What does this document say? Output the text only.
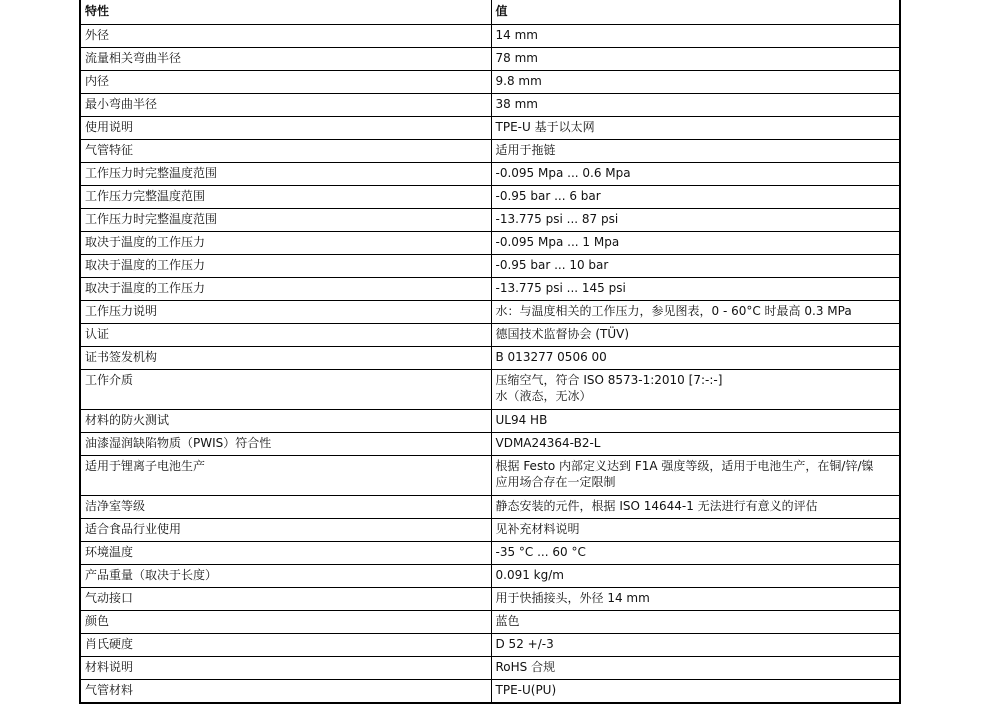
特性	值
外径	14 mm

流量相关弯曲半径	78 mm

内径	9.8 mm

最小弯曲半径	38 mm

使用说明	TPE-U 基于以太网

气管特征	适用于拖链

工作压力时完整温度范围	-0.095 Mpa ... 0.6 Mpa

工作压力完整温度范围	-0.95 bar ... 6 bar

工作压力时完整温度范围	-13.775 psi ... 87 psi

取决于温度的工作压力	-0.095 Mpa ... 1 Mpa

取决于温度的工作压力	-0.95 bar ... 10 bar

取决于温度的工作压力	-13.775 psi ... 145 psi

工作压力说明	水：与温度相关的工作压力，参见图表，0 - 60°C 时最高 0.3 MPa

认证	德国技术监督协会 (TÜV)

证书签发机构	B 013277 0506 00

工作介质	压缩空气，符合 ISO 8573-1:2010 [7:-:-]
水（液态，无冰）

材料的防火测试	UL94 HB

油漆湿润缺陷物质（PWIS）符合性	VDMA24364-B2-L

适用于锂离子电池生产	根据 Festo 内部定义达到 F1A 强度等级，适用于电池生产，在铜/锌/镍
应用场合存在一定限制

洁净室等级	静态安装的元件，根据 ISO 14644-1 无法进行有意义的评估

适合食品行业使用	见补充材料说明

环境温度	-35 °C ... 60 °C

产品重量（取决于长度）	0.091 kg/m

气动接口	用于快插接头，外径 14 mm

颜色	蓝色

肖氏硬度	D 52 +/-3

材料说明	RoHS 合规

气管材料	TPE-U(PU)
